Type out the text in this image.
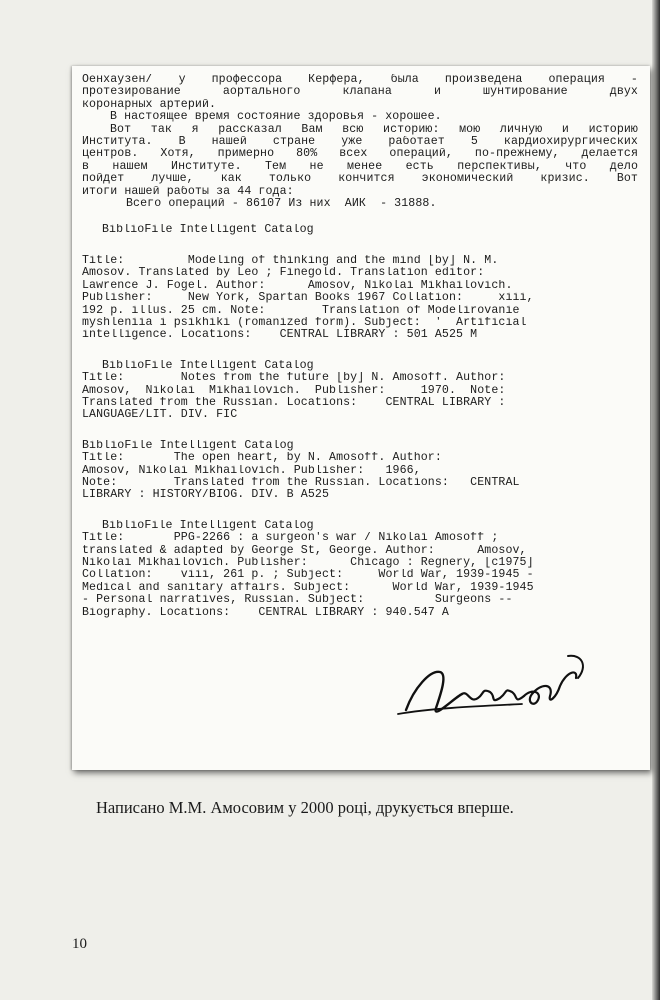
Оенхаузен/ у профессора Керфера, была произведена операция -
протезирование аортального клапана и шунтирование двух
коронарных артерий.
В настоящее время состояние здоровья - хорошее.
Вот так я рассказал Вам всю историю: мою личную и историю
Института. В нашей стране уже работает 5 кардиохирургических
центров. Хотя, примерно 80% всех операций, по-прежнему, делается
в нашем Институте. Тем не менее есть перспективы, что дело
пойдет лучше, как только кончится экономический кризис. Вот
итоги нашей работы за 44 года:
Всего операций - 86107 Из них  АИК  - 31888.
BiblioFile Intelligent Catalog
Title:         Modeling of thinking and the mind [by] N. M.
Amosov. Translated by Leo ; Finegold. Translation editor:
Lawrence J. Fogel. Author:      Amosov, Nikolai Mikhailovich.
Publisher:     New York, Spartan Books 1967 Collation:     xiii,
192 p. illus. 25 cm. Note:        Translation of Modelirovanie
myshleniia i psikhiki (romanized form). Subject:  '  Artificial
intelligence. Locations:    CENTRAL LIBRARY : 501 A525 M
BiblioFile Intelligent Catalog
Title:        Notes from the future [by] N. Amosoff. Author:
Amosov,  Nikolai  Mikhailovich.  Publisher:     1970.  Note:
Translated from the Russian. Locations:    CENTRAL LIBRARY :
LANGUAGE/LIT. DIV. FIC
BiblioFile Intelligent Catalog
Title:       The open heart, by N. Amosoff. Author:
Amosov, Nikolai Mikhailovich. Publisher:   1966,
Note:        Translated from the Russian. Locations:   CENTRAL
LIBRARY : HISTORY/BIOG. DIV. B A525
BiblioFile Intelligent Catalog
Title:       PPG-2266 : a surgeon's war / Nikolai Amosoff ;
translated & adapted by George St, George. Author:      Amosov,
Nikolai Mikhailovich. Publisher:      Chicago : Regnery, [c1975]
Collation:    viii, 261 p. ; Subject:     World War, 1939-1945 -
Medical and sanitary affairs. Subject:      World War, 1939-1945
- Personal narratives, Russian. Subject:          Surgeons --
Biography. Locations:    CENTRAL LIBRARY : 940.547 A
Написано М.М. Амосовим у 2000 році, друкується вперше.
10
